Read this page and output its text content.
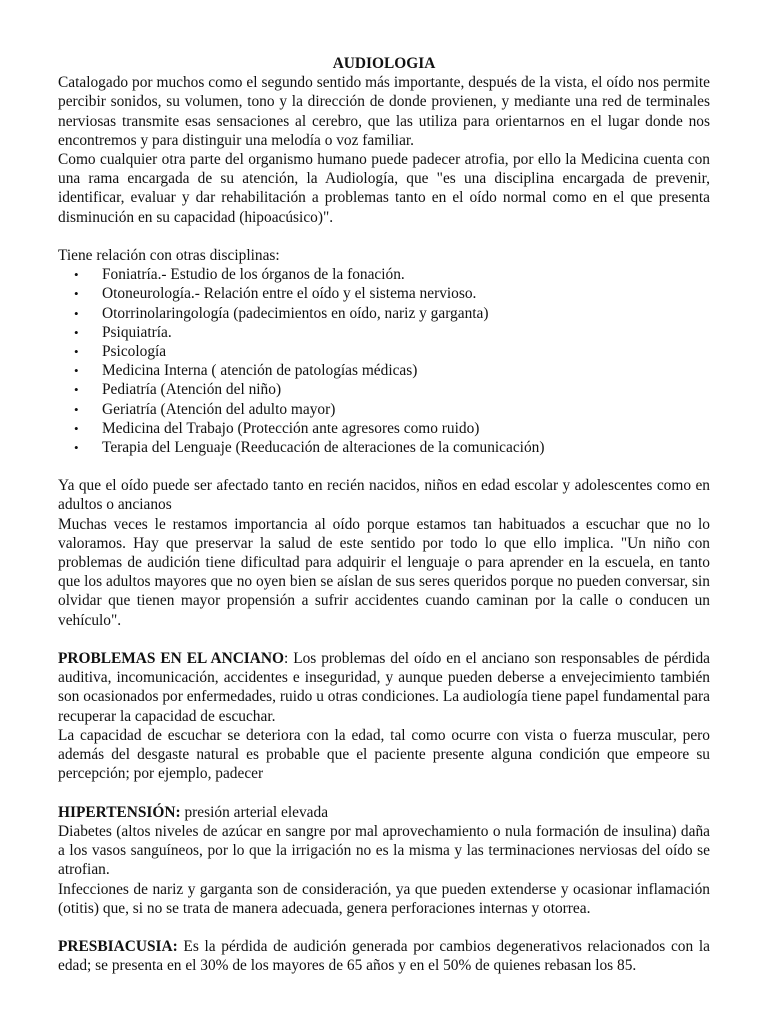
AUDIOLOGIA

Catalogado por muchos como el segundo sentido más importante, después de la vista, el oído nos permite percibir sonidos, su volumen, tono y la dirección de donde provienen, y mediante una red de terminales nerviosas transmite esas sensaciones al cerebro, que las utiliza para orientarnos en el lugar donde nos encontremos y para distinguir una melodía o voz familiar.

Como cualquier otra parte del organismo humano puede padecer atrofia, por ello la Medicina cuenta con una rama encargada de su atención, la Audiología, que "es una disciplina encargada de prevenir, identificar, evaluar y dar rehabilitación a problemas tanto en el oído normal como en el que presenta disminución en su capacidad (hipoacúsico)".

Tiene relación con otras disciplinas:

• Foniatría.- Estudio de los órganos de la fonación.
• Otoneurología.- Relación entre el oído y el sistema nervioso.
• Otorrinolaringología (padecimientos en oído, nariz y garganta)
• Psiquiatría.
• Psicología
• Medicina Interna ( atención de patologías médicas)
• Pediatría (Atención del niño)
• Geriatría (Atención del adulto mayor)
• Medicina del Trabajo (Protección ante agresores como ruido)
• Terapia del Lenguaje (Reeducación de alteraciones de la comunicación)

Ya que el oído puede ser afectado tanto en recién nacidos, niños en edad escolar y adolescentes como en adultos o ancianos

Muchas veces le restamos importancia al oído porque estamos tan habituados a escuchar que no lo valoramos. Hay que preservar la salud de este sentido por todo lo que ello implica. "Un niño con problemas de audición tiene dificultad para adquirir el lenguaje o para aprender en la escuela, en tanto que los adultos mayores que no oyen bien se aíslan de sus seres queridos porque no pueden conversar, sin olvidar que tienen mayor propensión a sufrir accidentes cuando caminan por la calle o conducen un vehículo".

PROBLEMAS EN EL ANCIANO: Los problemas del oído en el anciano son responsables de pérdida auditiva, incomunicación, accidentes e inseguridad, y aunque pueden deberse a envejecimiento también son ocasionados por enfermedades, ruido u otras condiciones. La audiología tiene papel fundamental para recuperar la capacidad de escuchar.

La capacidad de escuchar se deteriora con la edad, tal como ocurre con vista o fuerza muscular, pero además del desgaste natural es probable que el paciente presente alguna condición que empeore su percepción; por ejemplo, padecer

HIPERTENSIÓN: presión arterial elevada

Diabetes (altos niveles de azúcar en sangre por mal aprovechamiento o nula formación de insulina) daña a los vasos sanguíneos, por lo que la irrigación no es la misma y las terminaciones nerviosas del oído se atrofian.

Infecciones de nariz y garganta son de consideración, ya que pueden extenderse y ocasionar inflamación (otitis) que, si no se trata de manera adecuada, genera perforaciones internas y otorrea.

PRESBIACUSIA: Es la pérdida de audición generada por cambios degenerativos relacionados con la edad; se presenta en el 30% de los mayores de 65 años y en el 50% de quienes rebasan los 85.
